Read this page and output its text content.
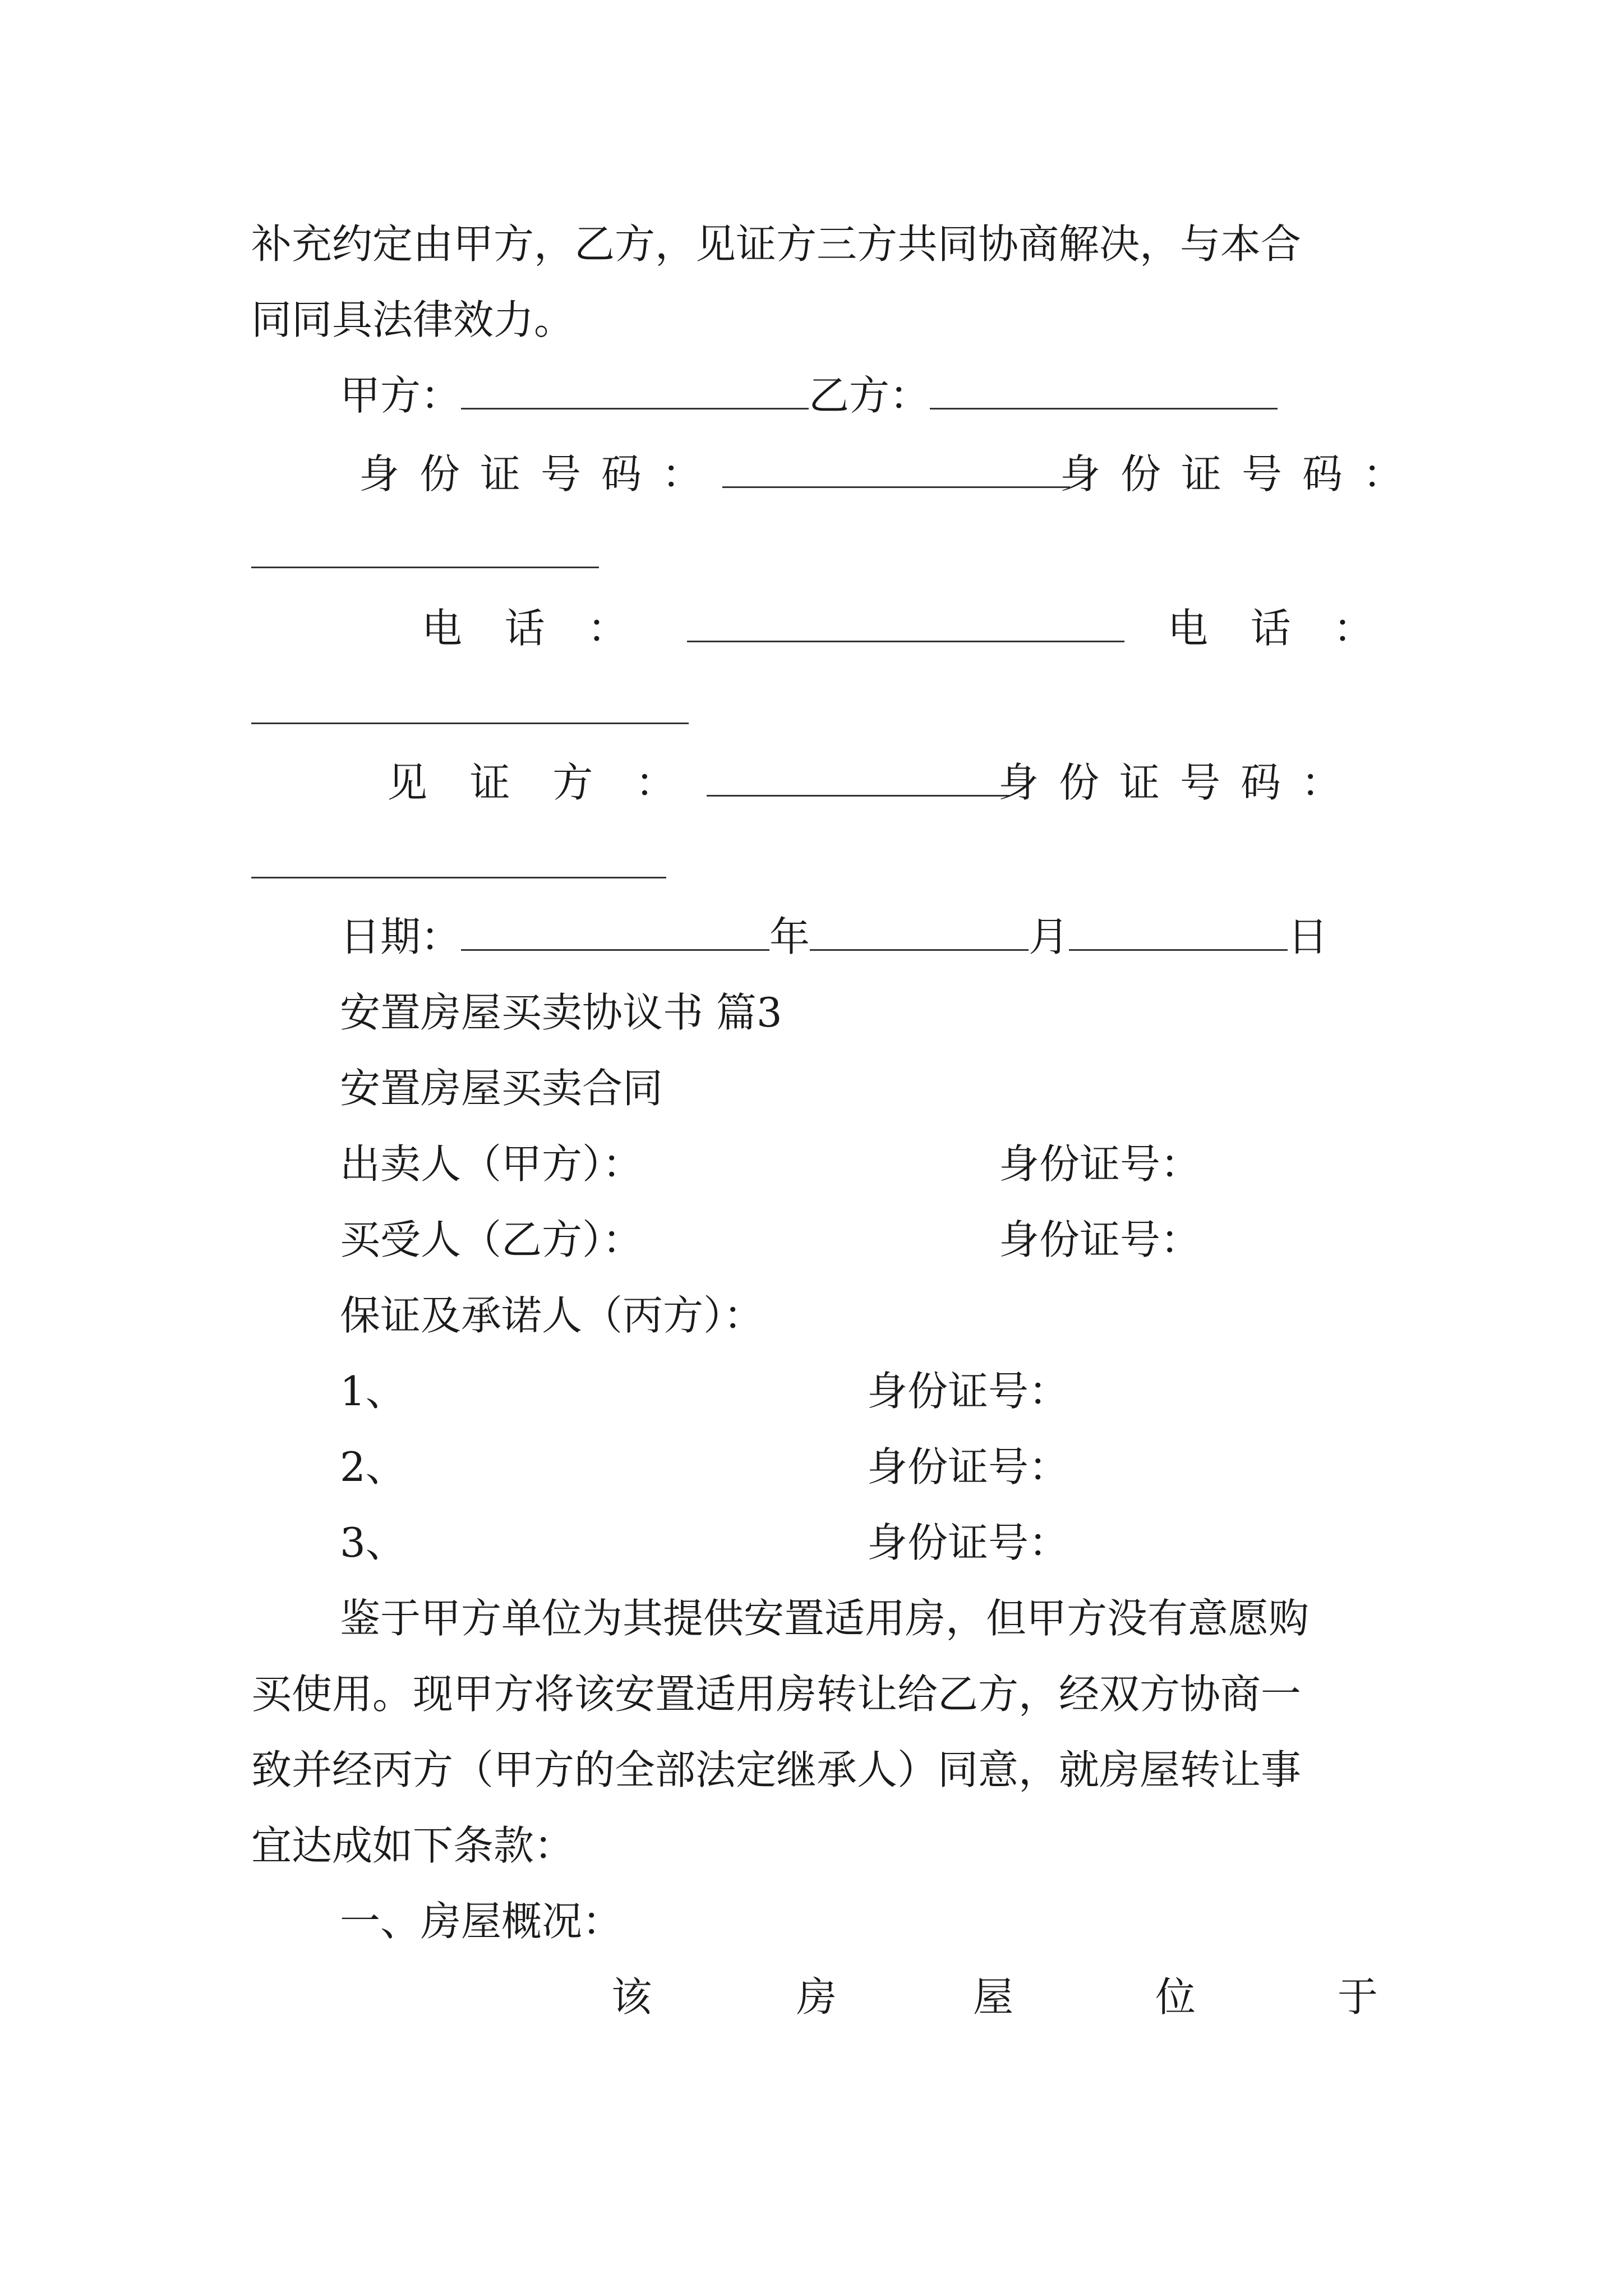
补充约定由甲方，乙方，见证方三方共同协商解决，与本合
同同具法律效力。
甲方：	乙方：
身份证号码：	身份证号码：
电话：	电话：
见证方：	身份证号码：
日期：	年	月	日
安置房屋买卖协议书 篇3
安置房屋买卖合同
出卖人（甲方）：	身份证号：
买受人（乙方）：	身份证号：
保证及承诺人（丙方）：
1、	身份证号：
2、	身份证号：
3、	身份证号：
鉴于甲方单位为其提供安置适用房，但甲方没有意愿购
买使用。现甲方将该安置适用房转让给乙方，经双方协商一
致并经丙方（甲方的全部法定继承人）同意，就房屋转让事
宜达成如下条款：
一、房屋概况：
该	房	屋	位	于
